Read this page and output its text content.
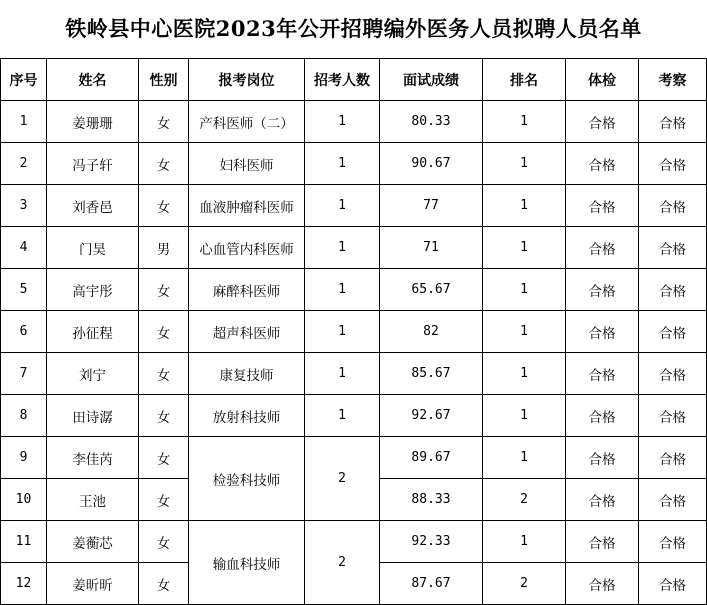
铁岭县中心医院2023年公开招聘编外医务人员拟聘人员名单
序号	姓名	性别	报考岗位	招考人数	面试成绩	排名	体检	考察
1	姜珊珊	女	产科医师（二）	1	80.33	1	合格	合格
2	冯子轩	女	妇科医师	1	90.67	1	合格	合格
3	刘香邑	女	血液肿瘤科医师	1	77	1	合格	合格
4	门昊	男	心血管内科医师	1	71	1	合格	合格
5	高宇彤	女	麻醉科医师	1	65.67	1	合格	合格
6	孙征程	女	超声科医师	1	82	1	合格	合格
7	刘宁	女	康复技师	1	85.67	1	合格	合格
8	田诗潺	女	放射科技师	1	92.67	1	合格	合格
9	李佳芮	女	检验科技师	2	89.67	1	合格	合格
10	王池	女			88.33	2	合格	合格
11	姜蘅芯	女	输血科技师	2	92.33	1	合格	合格
12	姜昕昕	女			87.67	2	合格	合格
